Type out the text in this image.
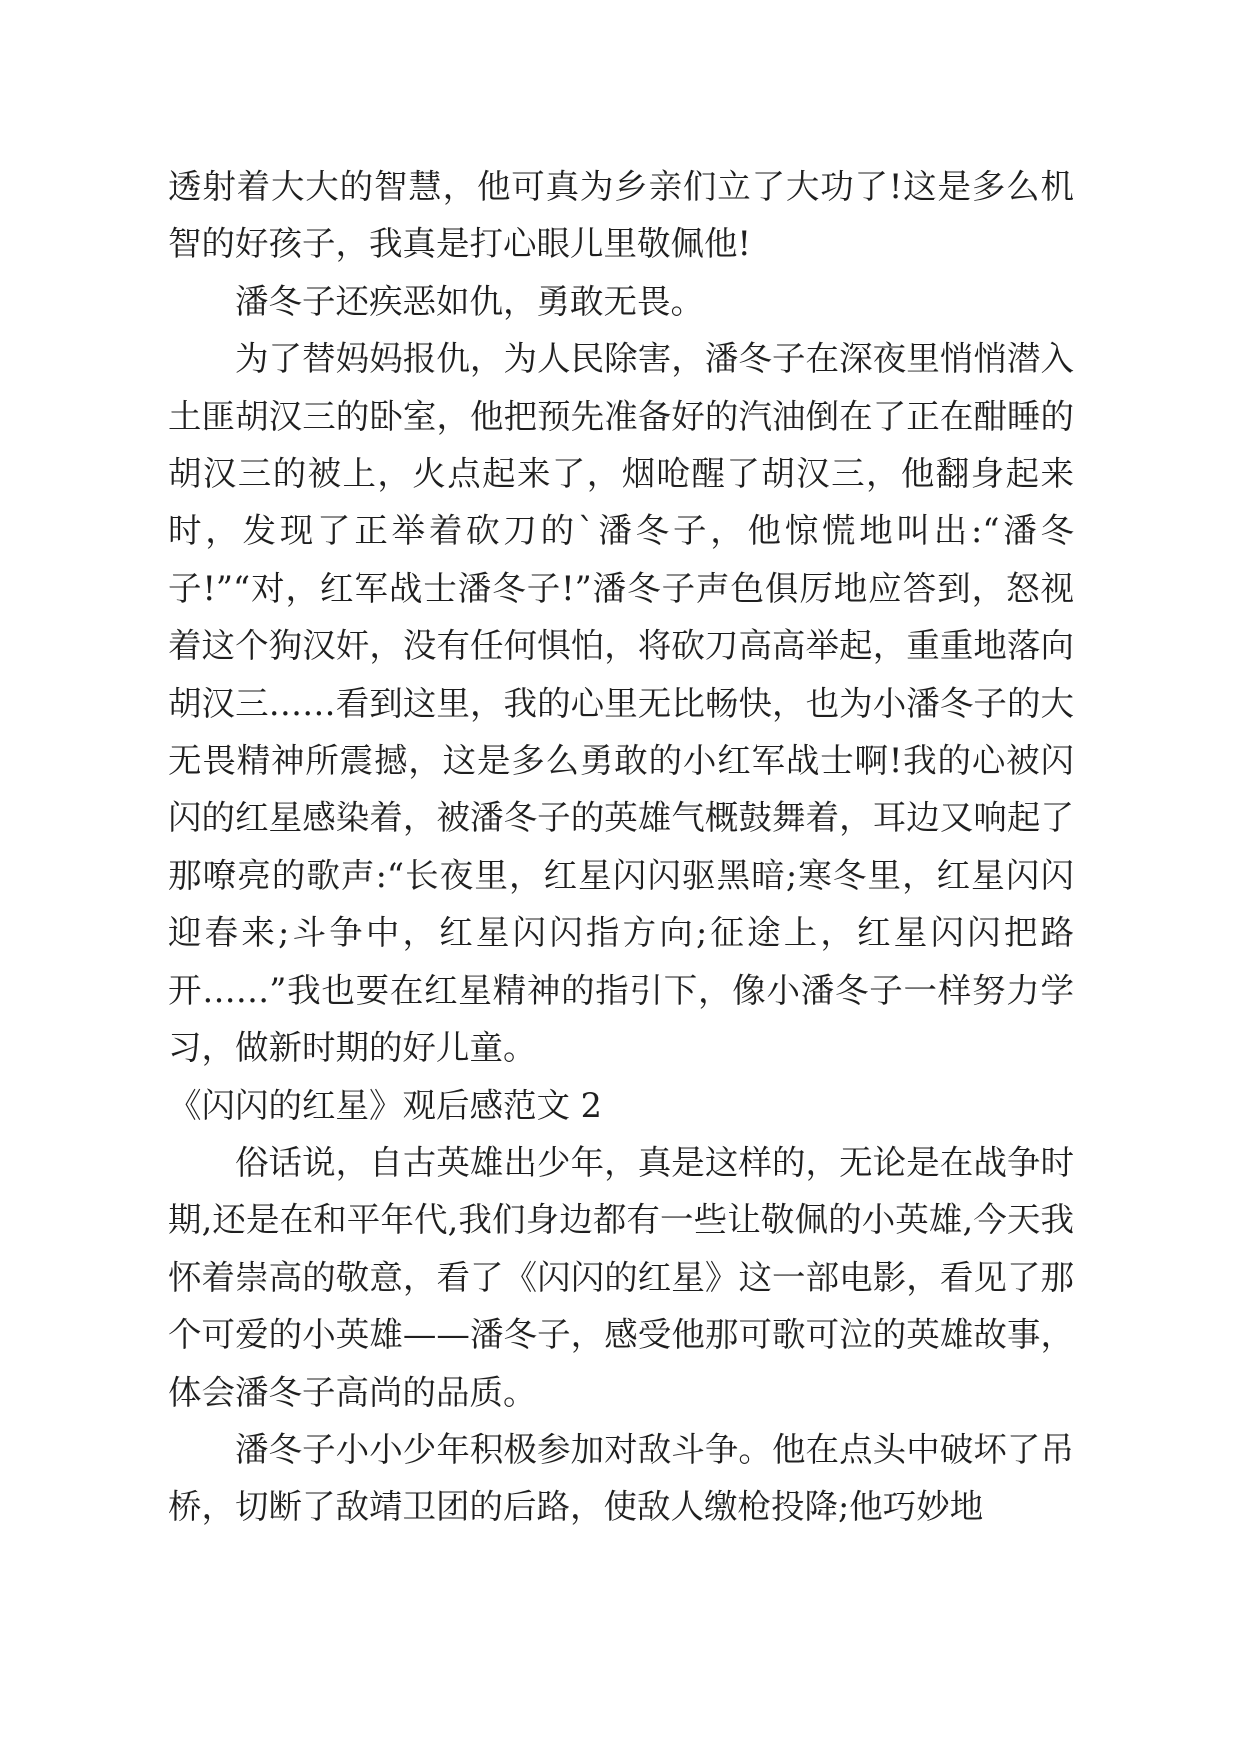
透射着大大的智慧，他可真为乡亲们立了大功了!这是多么机智的好孩子，我真是打心眼儿里敬佩他!

潘冬子还疾恶如仇，勇敢无畏。

为了替妈妈报仇，为人民除害，潘冬子在深夜里悄悄潜入土匪胡汉三的卧室，他把预先准备好的汽油倒在了正在酣睡的胡汉三的被上，火点起来了，烟呛醒了胡汉三，他翻身起来时，发现了正举着砍刀的`潘冬子，他惊慌地叫出:“潘冬子!”“对，红军战士潘冬子!”潘冬子声色俱厉地应答到，怒视着这个狗汉奸，没有任何惧怕，将砍刀高高举起，重重地落向胡汉三……看到这里，我的心里无比畅快，也为小潘冬子的大无畏精神所震撼，这是多么勇敢的小红军战士啊!我的心被闪闪的红星感染着，被潘冬子的英雄气概鼓舞着，耳边又响起了那嘹亮的歌声:“长夜里，红星闪闪驱黑暗;寒冬里，红星闪闪迎春来;斗争中，红星闪闪指方向;征途上，红星闪闪把路开……”我也要在红星精神的指引下，像小潘冬子一样努力学习，做新时期的好儿童。

《闪闪的红星》观后感范文 2

俗话说，自古英雄出少年，真是这样的，无论是在战争时期,还是在和平年代,我们身边都有一些让敬佩的小英雄,今天我怀着崇高的敬意，看了《闪闪的红星》这一部电影，看见了那个可爱的小英雄——潘冬子，感受他那可歌可泣的英雄故事，体会潘冬子高尚的品质。

潘冬子小小少年积极参加对敌斗争。他在点头中破坏了吊桥，切断了敌靖卫团的后路，使敌人缴枪投降;他巧妙地
